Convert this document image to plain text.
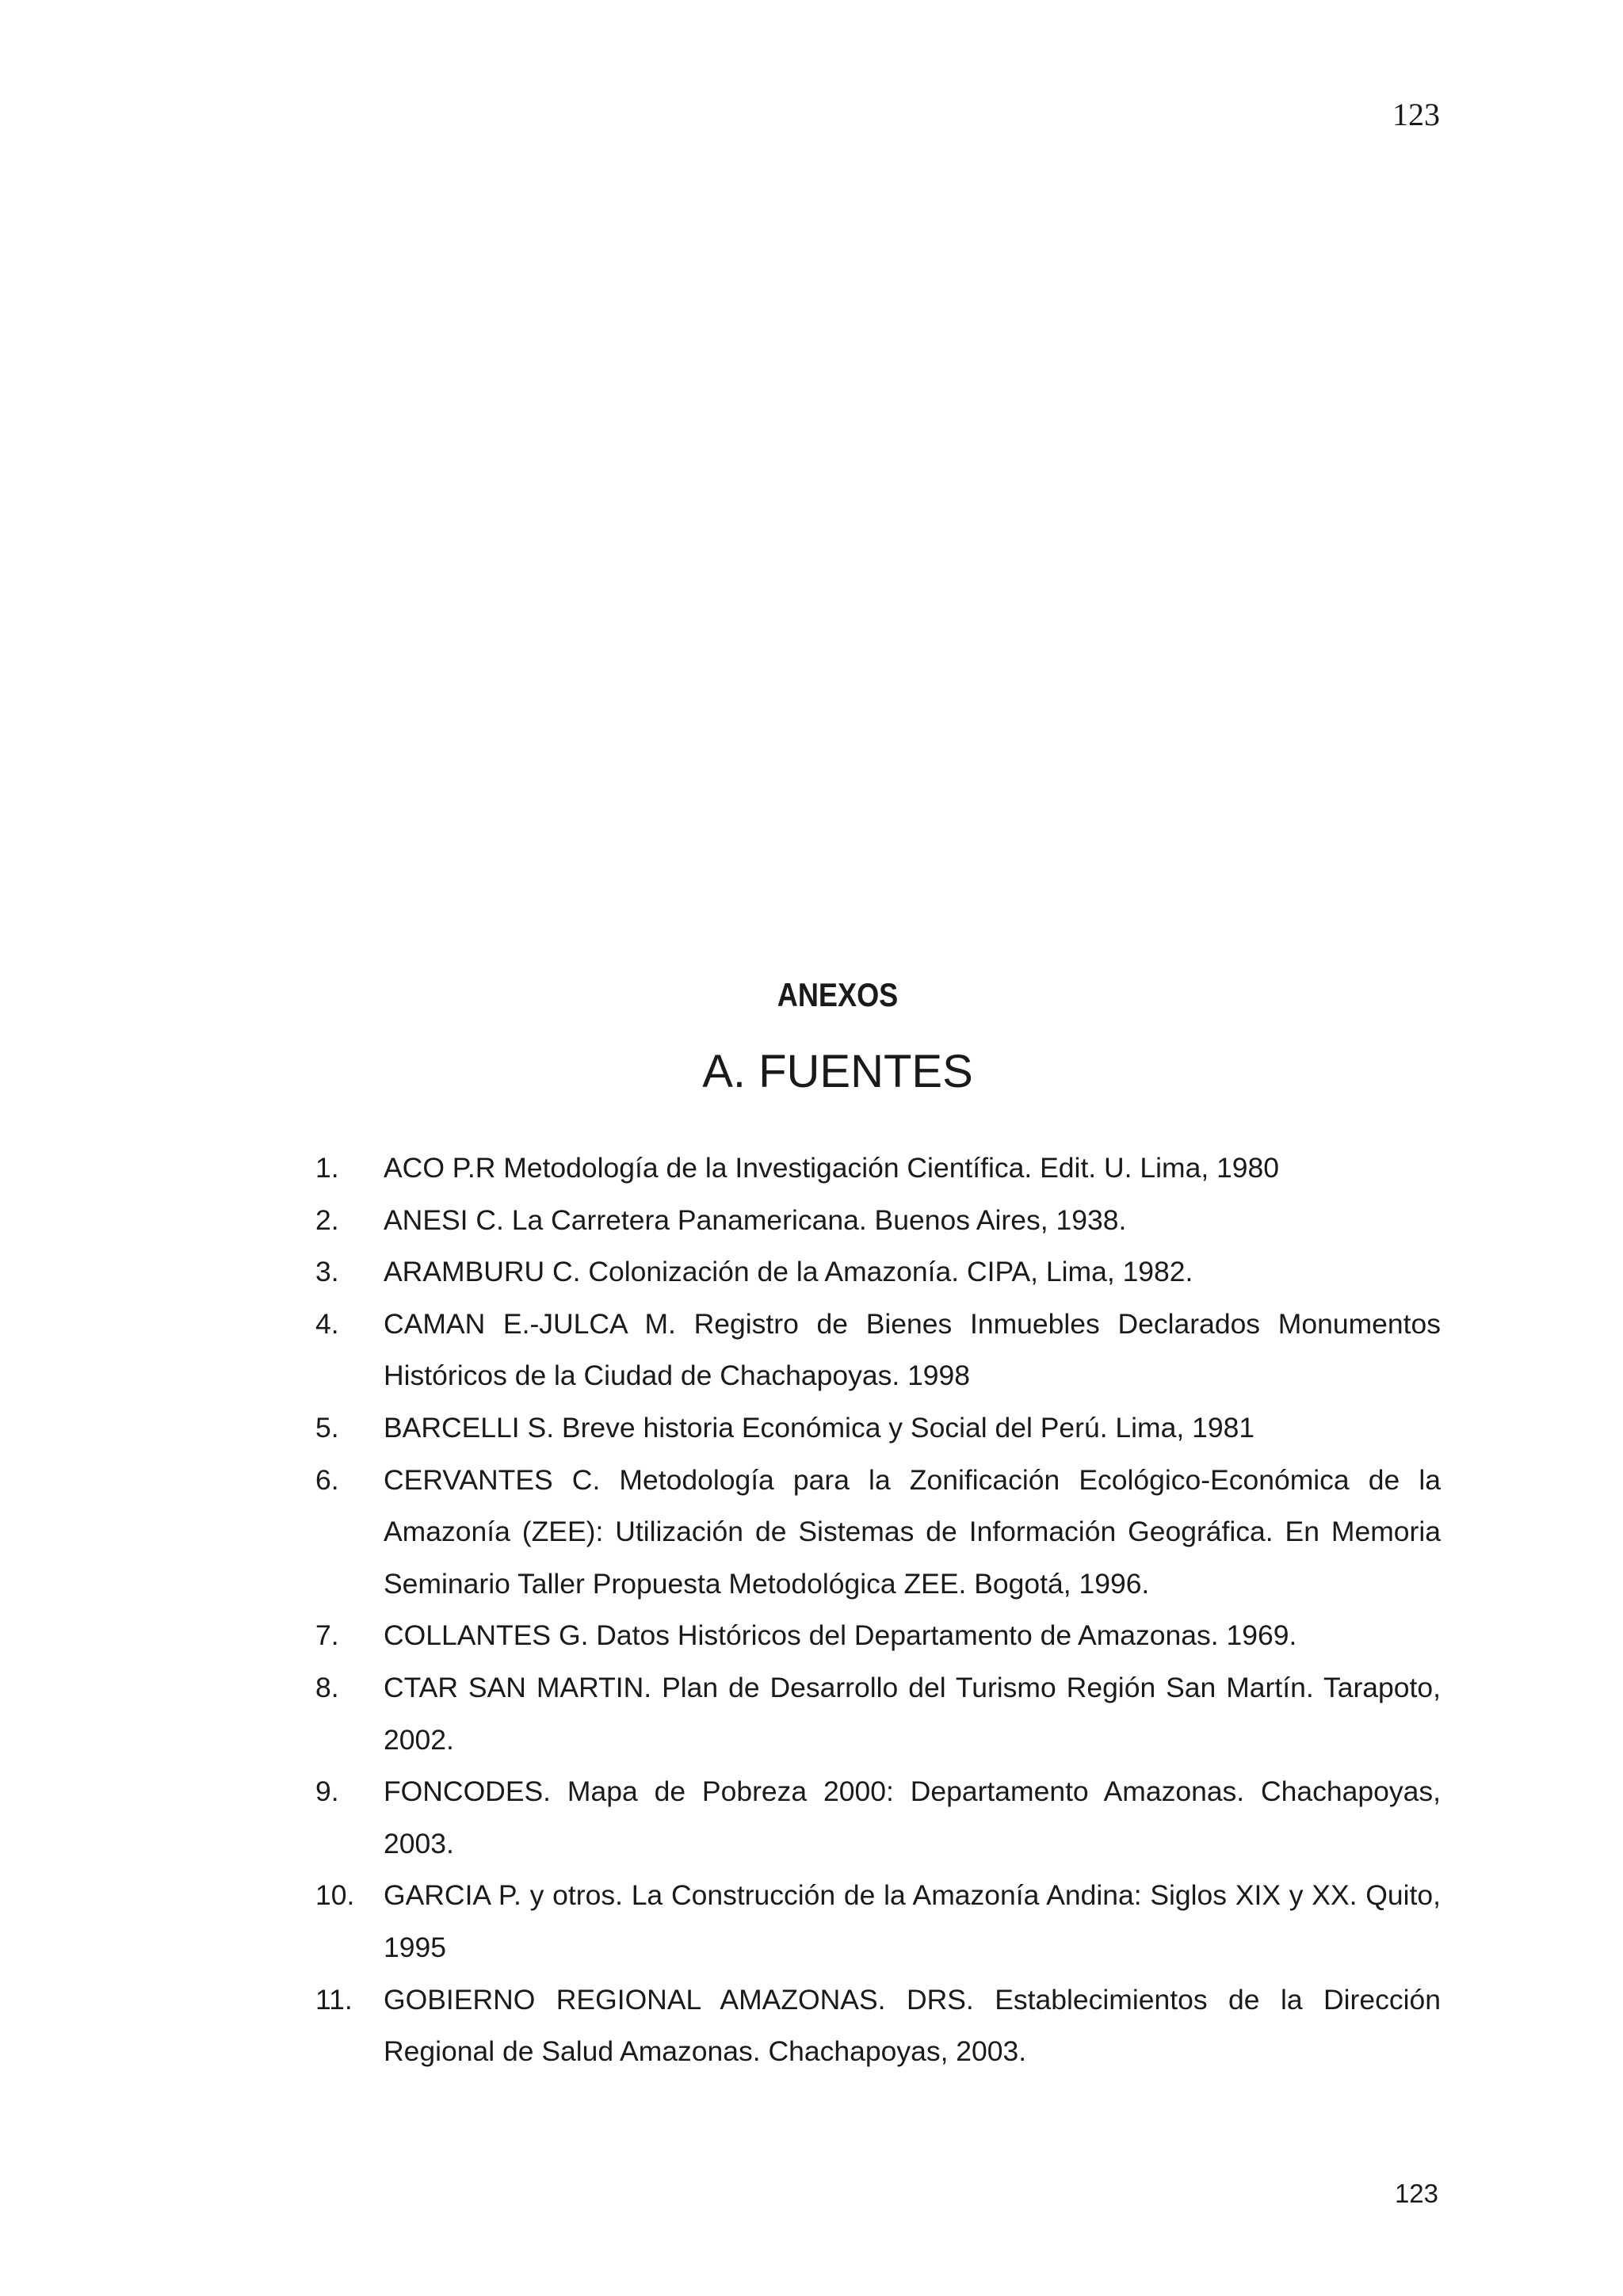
123
ANEXOS
A. FUENTES
1.	ACO P.R Metodología de la Investigación Científica. Edit. U. Lima, 1980
2.	ANESI C. La Carretera Panamericana. Buenos Aires, 1938.
3.	ARAMBURU C. Colonización de la Amazonía. CIPA, Lima, 1982.
4.	CAMAN E.-JULCA M. Registro de Bienes Inmuebles Declarados Monumentos Históricos de la Ciudad de Chachapoyas. 1998
5.	BARCELLI S. Breve historia Económica y Social del Perú. Lima, 1981
6.	CERVANTES C. Metodología para la Zonificación Ecológico-Económica de la Amazonía (ZEE): Utilización de Sistemas de Información Geográfica. En Memoria Seminario Taller Propuesta Metodológica ZEE. Bogotá, 1996.
7.	COLLANTES G. Datos Históricos del Departamento de Amazonas. 1969.
8.	CTAR SAN MARTIN. Plan de Desarrollo del Turismo Región San Martín. Tarapoto, 2002.
9.	FONCODES. Mapa de Pobreza 2000: Departamento Amazonas. Chachapoyas, 2003.
10.	GARCIA P. y otros. La Construcción de la Amazonía Andina: Siglos XIX y XX. Quito, 1995
11.	GOBIERNO REGIONAL AMAZONAS. DRS. Establecimientos de la Dirección Regional de Salud Amazonas. Chachapoyas, 2003.
123
